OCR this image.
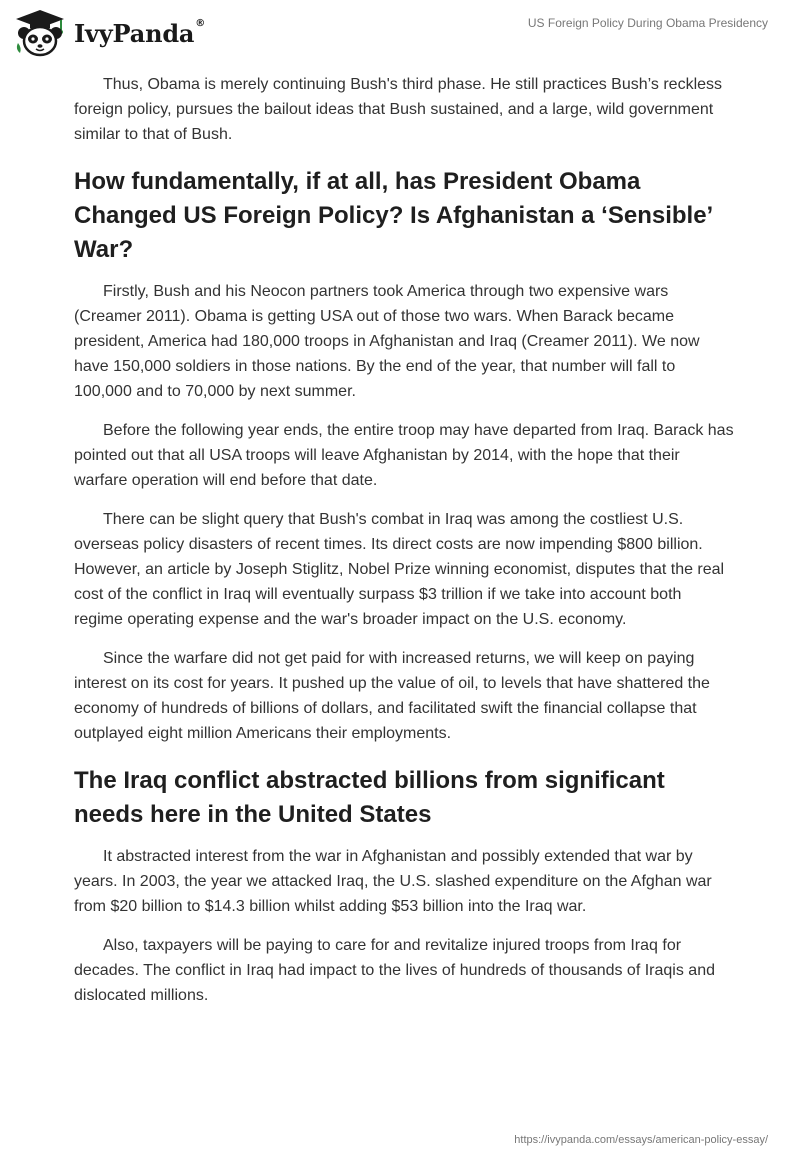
IvyPanda ®	US Foreign Policy During Obama Presidency

Thus, Obama is merely continuing Bush's third phase. He still practices Bush’s reckless foreign policy, pursues the bailout ideas that Bush sustained, and a large, wild government similar to that of Bush.

How fundamentally, if at all, has President Obama Changed US Foreign Policy? Is Afghanistan a ‘Sensible’ War?

Firstly, Bush and his Neocon partners took America through two expensive wars (Creamer 2011). Obama is getting USA out of those two wars. When Barack became president, America had 180,000 troops in Afghanistan and Iraq (Creamer 2011). We now have 150,000 soldiers in those nations. By the end of the year, that number will fall to 100,000 and to 70,000 by next summer.

Before the following year ends, the entire troop may have departed from Iraq. Barack has pointed out that all USA troops will leave Afghanistan by 2014, with the hope that their warfare operation will end before that date.

There can be slight query that Bush's combat in Iraq was among the costliest U.S. overseas policy disasters of recent times. Its direct costs are now impending $800 billion. However, an article by Joseph Stiglitz, Nobel Prize winning economist, disputes that the real cost of the conflict in Iraq will eventually surpass $3 trillion if we take into account both regime operating expense and the war's broader impact on the U.S. economy.

Since the warfare did not get paid for with increased returns, we will keep on paying interest on its cost for years. It pushed up the value of oil, to levels that have shattered the economy of hundreds of billions of dollars, and facilitated swift the financial collapse that outplayed eight million Americans their employments.

The Iraq conflict abstracted billions from significant needs here in the United States

It abstracted interest from the war in Afghanistan and possibly extended that war by years. In 2003, the year we attacked Iraq, the U.S. slashed expenditure on the Afghan war from $20 billion to $14.3 billion whilst adding $53 billion into the Iraq war.

Also, taxpayers will be paying to care for and revitalize injured troops from Iraq for decades. The conflict in Iraq had impact to the lives of hundreds of thousands of Iraqis and dislocated millions.

https://ivypanda.com/essays/american-policy-essay/
